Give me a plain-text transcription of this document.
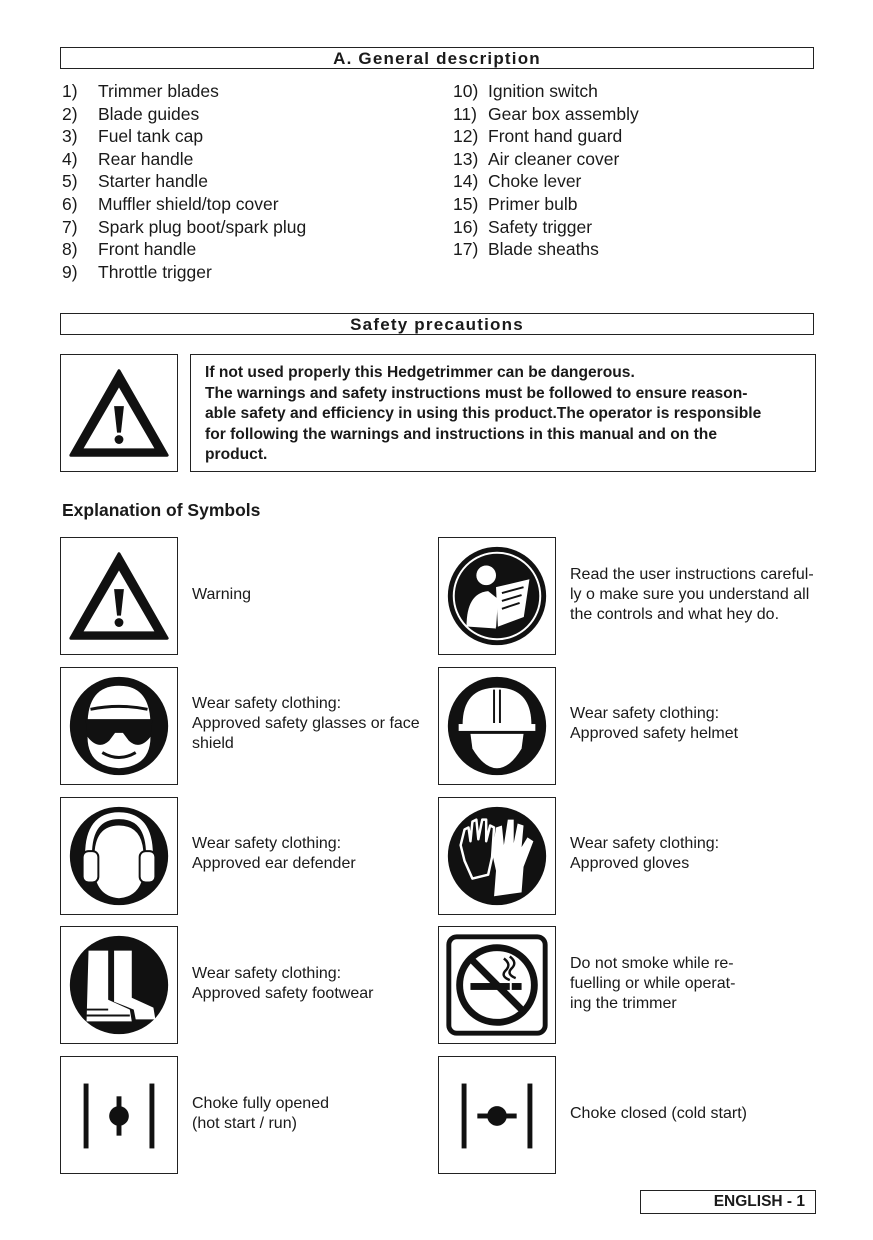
A. General description
1) Trimmer blades
2) Blade guides
3) Fuel tank cap
4) Rear handle
5) Starter handle
6) Muffler shield/top cover
7) Spark plug boot/spark plug
8) Front handle
9) Throttle trigger
10) Ignition switch
11) Gear box assembly
12) Front hand guard
13) Air cleaner cover
14) Choke lever
15) Primer bulb
16) Safety trigger
17) Blade sheaths
Safety precautions
If not used properly this Hedgetrimmer can be dangerous.
The warnings and safety instructions must be followed to ensure reason-
able safety and efficiency in using this product.The operator is responsible
for following the warnings and instructions in this manual and on the
product.
Explanation of Symbols
Warning
Read the user instructions careful-
ly o make sure you understand all
the controls and what hey do.
Wear safety clothing:
Approved safety glasses or face
shield
Wear safety clothing:
Approved safety helmet
Wear safety clothing:
Approved ear defender
Wear safety clothing:
Approved gloves
Wear safety clothing:
Approved safety footwear
Do not smoke while re-
fuelling or while operat-
ing the trimmer
Choke fully opened
(hot start / run)
Choke closed (cold start)
ENGLISH - 1
